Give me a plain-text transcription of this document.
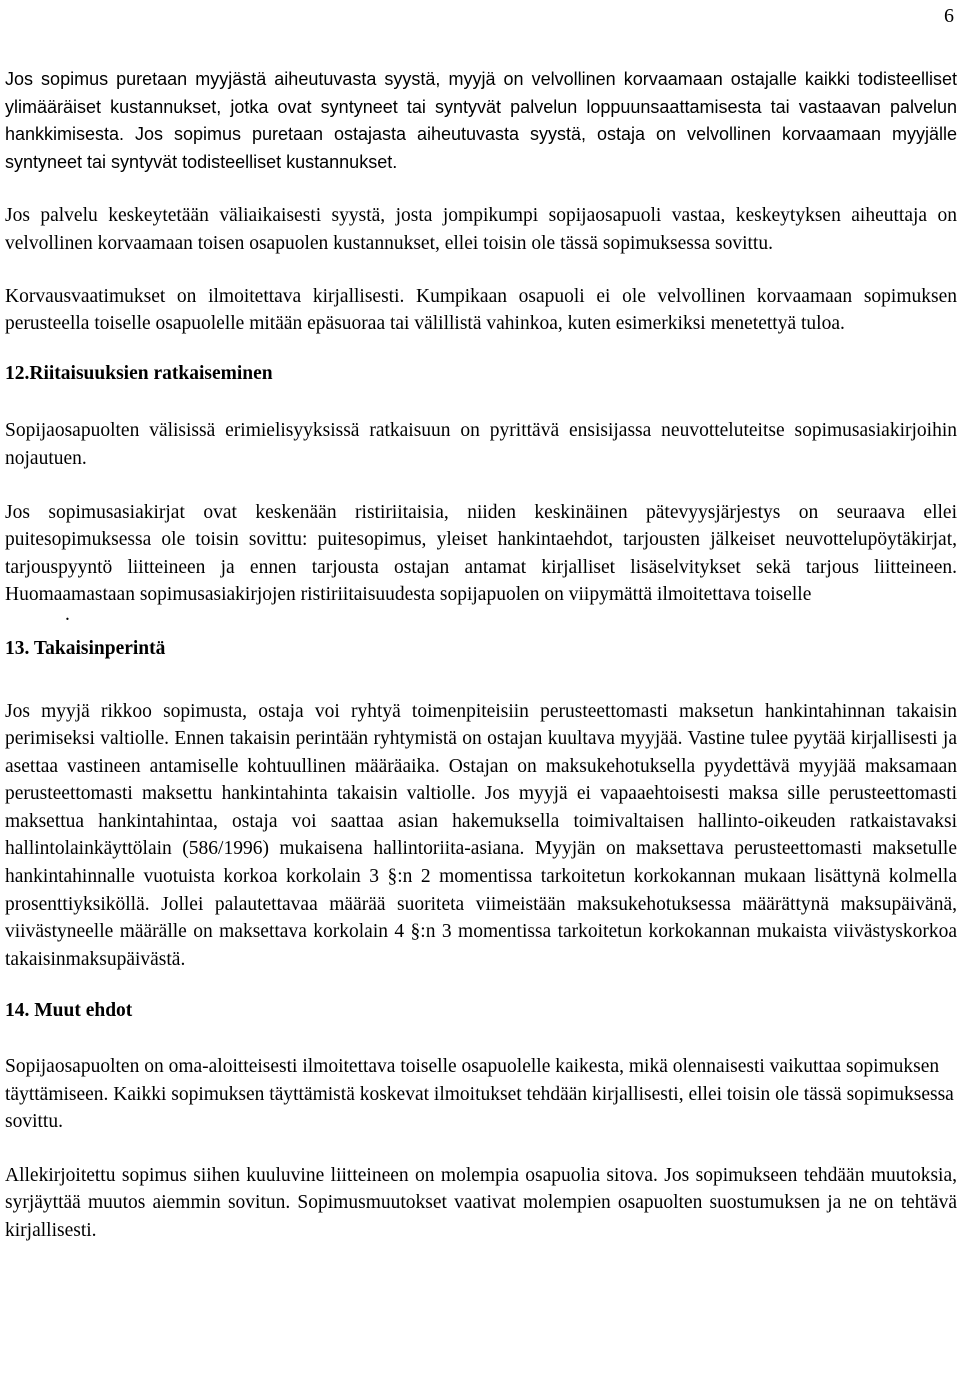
6

Jos sopimus puretaan myyjästä aiheutuvasta syystä, myyjä on velvollinen korvaamaan ostajalle kaikki todisteelliset ylimääräiset kustannukset, jotka ovat syntyneet tai syntyvät palvelun loppuunsaattamisesta tai vastaavan palvelun hankkimisesta. Jos sopimus puretaan ostajasta aiheutuvasta syystä, ostaja on velvollinen korvaamaan myyjälle syntyneet tai syntyvät todisteelliset kustannukset.

Jos palvelu keskeytetään väliaikaisesti syystä, josta jompikumpi sopijaosapuoli vastaa, keskeytyksen aiheuttaja on velvollinen korvaamaan toisen osapuolen kustannukset, ellei toisin ole tässä sopimuksessa sovittu.

Korvausvaatimukset on ilmoitettava kirjallisesti. Kumpikaan osapuoli ei ole velvollinen korvaamaan sopimuksen perusteella toiselle osapuolelle mitään epäsuoraa tai välillistä vahinkoa, kuten esimerkiksi menetettyä tuloa.

12.Riitaisuuksien ratkaiseminen

Sopijaosapuolten välisissä erimielisyyksissä ratkaisuun on pyrittävä ensisijassa neuvotteluteitse sopimusasiakirjoihin nojautuen.

Jos sopimusasiakirjat ovat keskenään ristiriitaisia, niiden keskinäinen pätevyysjärjestys on seuraava ellei puitesopimuksessa ole toisin sovittu: puitesopimus, yleiset hankintaehdot, tarjousten jälkeiset neuvottelupöytäkirjat, tarjouspyyntö liitteineen ja ennen tarjousta ostajan antamat kirjalliset lisäselvitykset sekä tarjous liitteineen. Huomaamastaan sopimusasiakirjojen ristiriitaisuudesta sopijapuolen on viipymättä ilmoitettava toiselle

.

13. Takaisinperintä

Jos myyjä rikkoo sopimusta, ostaja voi ryhtyä toimenpiteisiin perusteettomasti maksetun hankintahinnan takaisin perimiseksi valtiolle. Ennen takaisin perintään ryhtymistä on ostajan kuultava myyjää. Vastine tulee pyytää kirjallisesti ja asettaa vastineen antamiselle kohtuullinen määräaika. Ostajan on maksukehotuksella pyydettävä myyjää maksamaan perusteettomasti maksettu hankintahinta takaisin valtiolle. Jos myyjä ei vapaaehtoisesti maksa sille perusteettomasti maksettua hankintahintaa, ostaja voi saattaa asian hakemuksella toimivaltaisen hallinto-oikeuden ratkaistavaksi hallintolainkäyttölain (586/1996) mukaisena hallintoriita-asiana. Myyjän on maksettava perusteettomasti maksetulle hankintahinnalle vuotuista korkoa korkolain 3 §:n 2 momentissa tarkoitetun korkokannan mukaan lisättynä kolmella prosenttiyksiköllä. Jollei palautettavaa määrää suoriteta viimeistään maksukehotuksessa määrättynä maksupäivänä, viivästyneelle määrälle on maksettava korkolain 4 §:n 3 momentissa tarkoitetun korkokannan mukaista viivästyskorkoa takaisinmaksupäivästä.

14. Muut ehdot

Sopijaosapuolten on oma-aloitteisesti ilmoitettava toiselle osapuolelle kaikesta, mikä olennaisesti vaikuttaa sopimuksen täyttämiseen. Kaikki sopimuksen täyttämistä koskevat ilmoitukset tehdään kirjallisesti, ellei toisin ole tässä sopimuksessa sovittu.

Allekirjoitettu sopimus siihen kuuluvine liitteineen on molempia osapuolia sitova. Jos sopimukseen tehdään muutoksia, syrjäyttää muutos aiemmin sovitun. Sopimusmuutokset vaativat molempien osapuolten suostumuksen ja ne on tehtävä kirjallisesti.
